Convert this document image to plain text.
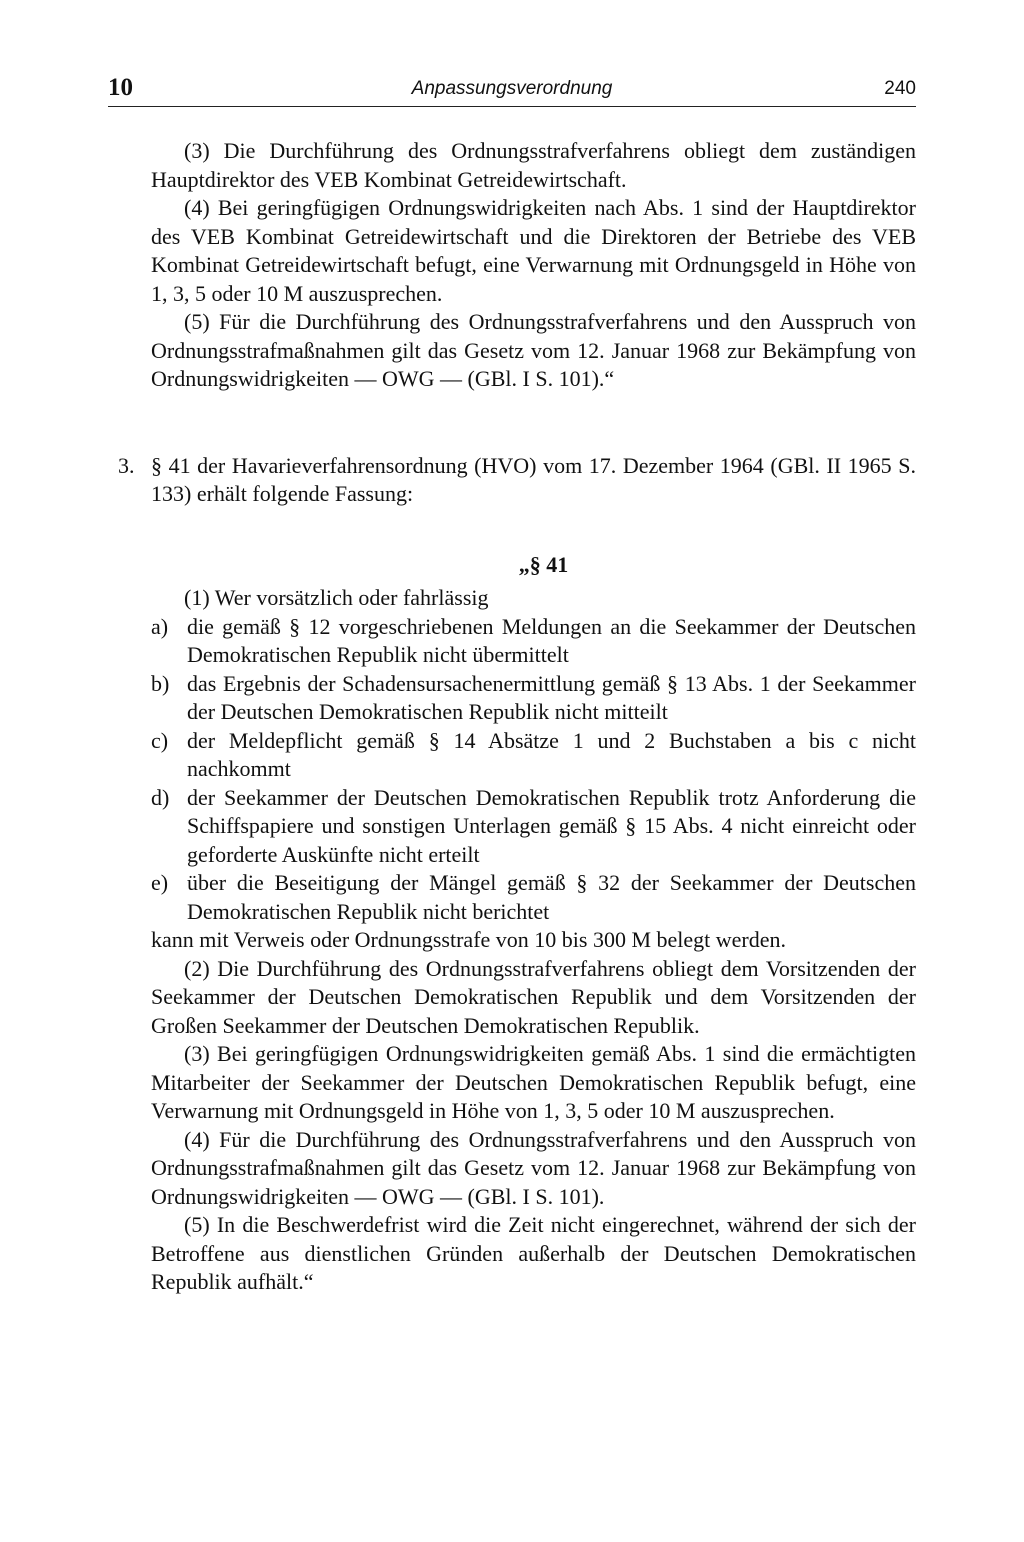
10	Anpassungsverordnung	240

(3) Die Durchführung des Ordnungsstrafverfahrens obliegt dem zuständigen Hauptdirektor des VEB Kombinat Getreidewirtschaft.

(4) Bei geringfügigen Ordnungswidrigkeiten nach Abs. 1 sind der Hauptdirektor des VEB Kombinat Getreidewirtschaft und die Direktoren der Betriebe des VEB Kombinat Getreidewirtschaft befugt, eine Verwarnung mit Ordnungsgeld in Höhe von 1, 3, 5 oder 10 M auszusprechen.

(5) Für die Durchführung des Ordnungsstrafverfahrens und den Ausspruch von Ordnungsstrafmaßnahmen gilt das Gesetz vom 12. Januar 1968 zur Bekämpfung von Ordnungswidrigkeiten — OWG — (GBl. I S. 101).“

3. § 41 der Havarieverfahrensordnung (HVO) vom 17. Dezember 1964 (GBl. II 1965 S. 133) erhält folgende Fassung:

„§ 41

(1) Wer vorsätzlich oder fahrlässig

a) die gemäß § 12 vorgeschriebenen Meldungen an die Seekammer der Deutschen Demokratischen Republik nicht übermittelt

b) das Ergebnis der Schadensursachenermittlung gemäß § 13 Abs. 1 der Seekammer der Deutschen Demokratischen Republik nicht mitteilt

c) der Meldepflicht gemäß § 14 Absätze 1 und 2 Buchstaben a bis c nicht nachkommt

d) der Seekammer der Deutschen Demokratischen Republik trotz Anforderung die Schiffspapiere und sonstigen Unterlagen gemäß § 15 Abs. 4 nicht einreicht oder geforderte Auskünfte nicht erteilt

e) über die Beseitigung der Mängel gemäß § 32 der Seekammer der Deutschen Demokratischen Republik nicht berichtet

kann mit Verweis oder Ordnungsstrafe von 10 bis 300 M belegt werden.

(2) Die Durchführung des Ordnungsstrafverfahrens obliegt dem Vorsitzenden der Seekammer der Deutschen Demokratischen Republik und dem Vorsitzenden der Großen Seekammer der Deutschen Demokratischen Republik.

(3) Bei geringfügigen Ordnungswidrigkeiten gemäß Abs. 1 sind die ermächtigten Mitarbeiter der Seekammer der Deutschen Demokratischen Republik befugt, eine Verwarnung mit Ordnungsgeld in Höhe von 1, 3, 5 oder 10 M auszusprechen.

(4) Für die Durchführung des Ordnungsstrafverfahrens und den Ausspruch von Ordnungsstrafmaßnahmen gilt das Gesetz vom 12. Januar 1968 zur Bekämpfung von Ordnungswidrigkeiten — OWG — (GBl. I S. 101).

(5) In die Beschwerdefrist wird die Zeit nicht eingerechnet, während der sich der Betroffene aus dienstlichen Gründen außerhalb der Deutschen Demokratischen Republik aufhält.“
